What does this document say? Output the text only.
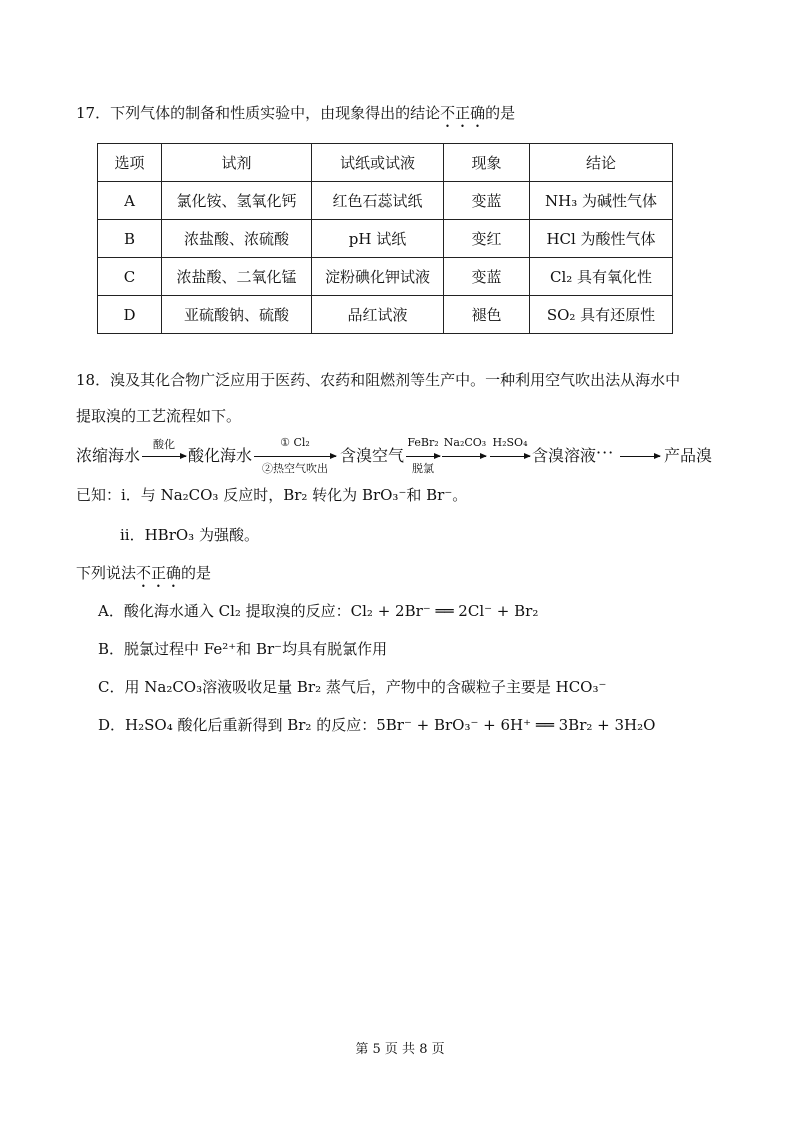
17．下列气体的制备和性质实验中，由现象得出的结论不正确的是
选项	试剂	试纸或试液	现象	结论
A	氯化铵、氢氧化钙	红色石蕊试纸	变蓝	NH₃ 为碱性气体
B	浓盐酸、浓硫酸	pH 试纸	变红	HCl 为酸性气体
C	浓盐酸、二氧化锰	淀粉碘化钾试液	变蓝	Cl₂ 具有氧化性
D	亚硫酸钠、硫酸	品红试液	褪色	SO₂ 具有还原性
18．溴及其化合物广泛应用于医药、农药和阻燃剂等生产中。一种利用空气吹出法从海水中
提取溴的工艺流程如下。
浓缩海水
酸化
酸化海水
① Cl₂
②热空气吹出
含溴空气
FeBr₂
脱氯
Na₂CO₃ H₂SO₄
含溴溶液 ···	产品溴
已知：i．与 Na₂CO₃ 反应时，Br₂ 转化为 BrO₃⁻和 Br⁻。
ii．HBrO₃ 为强酸。
下列说法不正确的是
A．酸化海水通入 Cl₂ 提取溴的反应：Cl₂ + 2Br⁻ ══ 2Cl⁻ + Br₂
B．脱氯过程中 Fe²⁺和 Br⁻均具有脱氯作用
C．用 Na₂CO₃溶液吸收足量 Br₂ 蒸气后，产物中的含碳粒子主要是 HCO₃⁻
D．H₂SO₄ 酸化后重新得到 Br₂ 的反应：5Br⁻ + BrO₃⁻ + 6H⁺ ══ 3Br₂ + 3H₂O
第 5 页 共 8 页
